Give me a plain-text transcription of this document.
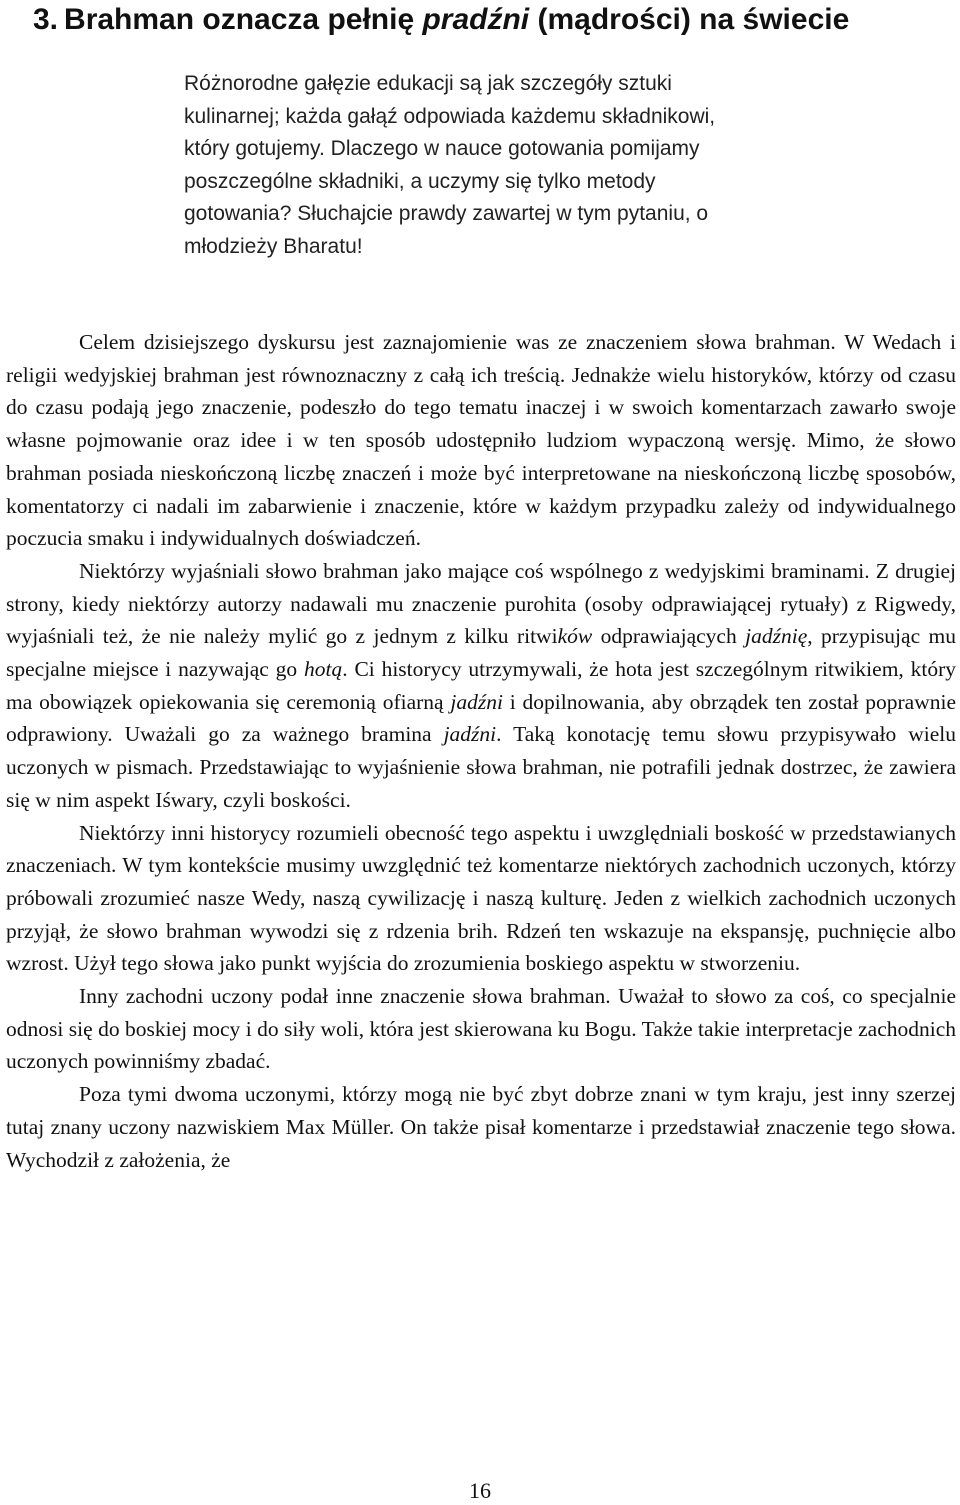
3. Brahman oznacza pełnię pradźni (mądrości) na świecie

Różnorodne gałęzie edukacji są jak szczegóły sztuki kulinarnej; każda gałąź odpowiada każdemu składnikowi, który gotujemy. Dlaczego w nauce gotowania pomijamy poszczególne składniki, a uczymy się tylko metody gotowania? Słuchajcie prawdy zawartej w tym pytaniu, o młodzieży Bharatu!

Celem dzisiejszego dyskursu jest zaznajomienie was ze znaczeniem słowa brahman. W Wedach i religii wedyjskiej brahman jest równoznaczny z całą ich treścią. Jednakże wielu historyków, którzy od czasu do czasu podają jego znaczenie, podeszło do tego tematu inaczej i w swoich komentarzach zawarło swoje własne pojmowanie oraz idee i w ten sposób udostępniło ludziom wypaczoną wersję. Mimo, że słowo brahman posiada nieskończoną liczbę znaczeń i może być interpretowane na nieskończoną liczbę sposobów, komentatorzy ci nadali im zabarwienie i znaczenie, które w każdym przypadku zależy od indywidualnego poczucia smaku i indywidualnych doświadczeń.

Niektórzy wyjaśniali słowo brahman jako mające coś wspólnego z wedyjskimi braminami. Z drugiej strony, kiedy niektórzy autorzy nadawali mu znaczenie purohita (osoby odprawiającej rytuały) z Rigwedy, wyjaśniali też, że nie należy mylić go z jednym z kilku ritwików odprawiających jadźnię, przypisując mu specjalne miejsce i nazywając go hotą. Ci historycy utrzymywali, że hota jest szczególnym ritwikiem, który ma obowiązek opiekowania się ceremonią ofiarną jadźni i dopilnowania, aby obrządek ten został poprawnie odprawiony. Uważali go za ważnego bramina jadźni. Taką konotację temu słowu przypisywało wielu uczonych w pismach. Przedstawiając to wyjaśnienie słowa brahman, nie potrafili jednak dostrzec, że zawiera się w nim aspekt Iśwary, czyli boskości.

Niektórzy inni historycy rozumieli obecność tego aspektu i uwzględniali boskość w przedstawianych znaczeniach. W tym kontekście musimy uwzględnić też komentarze niektórych zachodnich uczonych, którzy próbowali zrozumieć nasze Wedy, naszą cywilizację i naszą kulturę. Jeden z wielkich zachodnich uczonych przyjął, że słowo brahman wywodzi się z rdzenia brih. Rdzeń ten wskazuje na ekspansję, puchnięcie albo wzrost. Użył tego słowa jako punkt wyjścia do zrozumienia boskiego aspektu w stworzeniu.

Inny zachodni uczony podał inne znaczenie słowa brahman. Uważał to słowo za coś, co specjalnie odnosi się do boskiej mocy i do siły woli, która jest skierowana ku Bogu. Także takie interpretacje zachodnich uczonych powinniśmy zbadać.

Poza tymi dwoma uczonymi, którzy mogą nie być zbyt dobrze znani w tym kraju, jest inny szerzej tutaj znany uczony nazwiskiem Max Müller. On także pisał komentarze i przedstawiał znaczenie tego słowa. Wychodził z założenia, że

16
